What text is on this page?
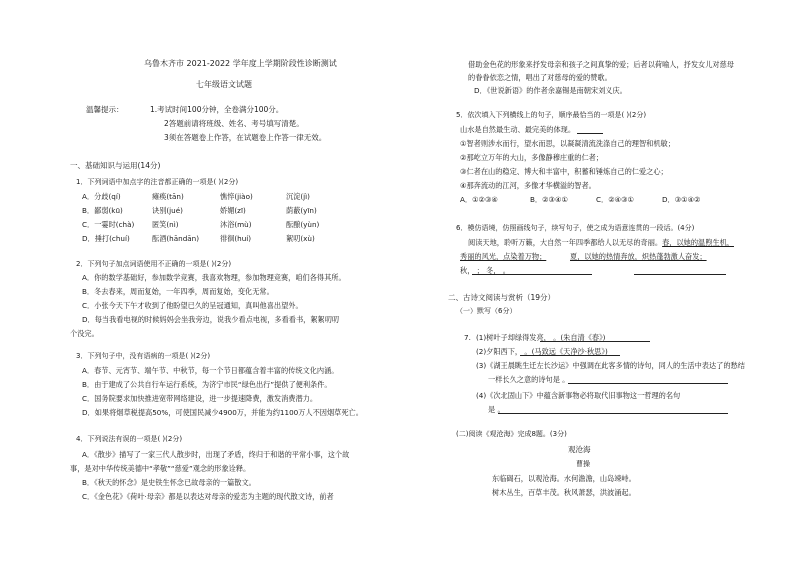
乌鲁木齐市 2021-2022 学年度上学期阶段性诊断测试
七年级语文试题
温馨提示：	1.考试时间100分钟，全卷满分100分。
2答题前请将班级、姓名、考号填写清楚。
3须在答题卷上作答，在试题卷上作答一律无效。
一、基础知识与运用(14分)
1．下列词语中加点字的注音都正确的一项是( )(2分)
A．分歧(qí)	瘫痪(tān)	憔悴(jiào)	沉淀(jì)
B．鄙弱(kū)	诀别(jué)	娇媚(zī)	荫蔽(yīn)
C．一霎时(chà) 匿笑(nì)	沐浴(mù)	酝酿(yùn)
D．捶打(chuí)	酝酒(hāndān)	徘徊(huí)	絮叨(xù)
2．下列句子加点词语使用不正确的一项是( )(2分)
A．你的数学基础好，参加数学竞赛，我喜欢物理，参加物理竞赛，咱们各得其所。
B．冬去春来，周而复始，一年四季，周而复始，变化无常。
C．小张今天下午才收到了他盼望已久的呈冠通知，真叫他喜出望外。
D．每当我看电视的时候妈妈会坐我旁边，说我少看点电视，多看看书，絮絮叨叨
个没完。
3．下列句子中，没有语病的一项是( )(2分)
A．春节、元宵节、端午节、中秋节，每一个节日都蕴含着丰富的传统文化内涵。
B．由于建成了公共自行车运行系统，为济宁市民“绿色出行”提供了便利条件。
C．国务院要求加快推进宽带网络建设，进一步提速降费，激发消费潜力。
D．如果将烟草税提高50%，可使国民减少4900万，并能为约1100万人不因烟草死亡。
4．下列说法有误的一项是( )(2分)
A．《散步》描写了一家三代人散步时，出现了矛盾，终归于和谐的平常小事，这个故
事，是对中华传统美德中“孝敬”“慈爱”观念的形象诠释。
B．《秋天的怀念》是史铁生怀念已故母亲的一篇散文。
C．《金色花》《荷叶·母亲》都是以表达对母亲的爱恋为主题的现代散文诗，前者
借助金色花的形象来抒发母亲和孩子之间真挚的爱；后者以荷喻人，抒发女儿对慈母
的眷眷依恋之情，唱出了对慈母的爱的赞歌。
D．《世说新语》的作者余嘉锡是南朝宋刘义庆。
5．依次填入下列横线上的句子，顺序最恰当的一项是( )(2分)
山水是自然最生动、最完美的体现。
①智者则涉水而行，望水而思，以凝凝清流洗涤自己的理智和机敏；
②那屹立万年的大山，多像静穆庄重的仁者；
③仁者在山的稳定、博大和丰富中，积蓄和锤炼自己的仁爱之心；
④那奔流动的江河，多像才华横溢的智者。
A．①②③④	B．②③④①	C．②④③①	D．③①④②
6．模仿语境，仿照画线句子，续写句子，使之成为语意连贯的一段话。(4分)
阅读天地，聆听万籁，大自然一年四季都给人以无尽的奇丽。春，以她的温煦生机，
秀丽的风光，点染着万物；	夏，以她的热情奔放，炽热蓬勃激人奋发；
秋， ； 冬， 。
二、古诗文阅读与赏析（19分）
（一）默写（6分）
7. (1)树叶子却绿得发亮， 。(朱自清《春》)
(2)夕阳西下， 。(马致远《天净沙·秋思》)
(3)《湖王晨眺生迁左长沙运》中强调在此客多情的诗句，同人的生活中表达了的愁结
一样长久之意的诗句是 。
(4)《次北固山下》中蕴含新事物必将取代旧事物这一哲理的名句
是 。
(二)阅读《观沧海》完成8题。(3分)
观沧海
曹操
东临碣石，以观沧海。水何澹澹，山岛竦峙。
树木丛生，百草丰茂。秋风萧瑟，洪波涌起。
